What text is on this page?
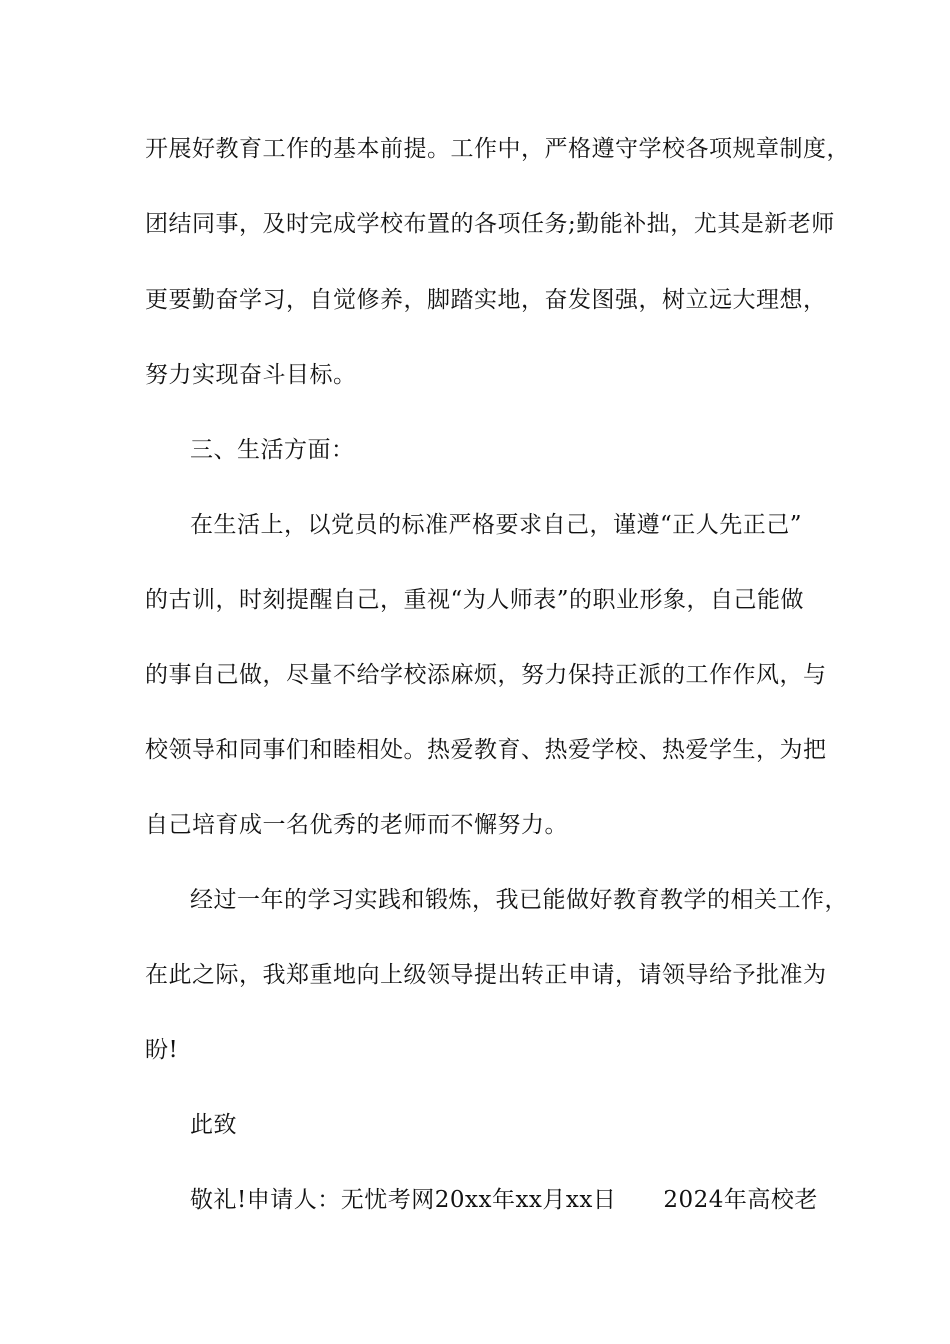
开展好教育工作的基本前提。工作中，严格遵守学校各项规章制度，
团结同事，及时完成学校布置的各项任务;勤能补拙，尤其是新老师
更要勤奋学习，自觉修养，脚踏实地，奋发图强，树立远大理想，
努力实现奋斗目标。
三、生活方面：
在生活上，以党员的标准严格要求自己，谨遵“正人先正己”
的古训，时刻提醒自己，重视“为人师表”的职业形象，自己能做
的事自己做，尽量不给学校添麻烦，努力保持正派的工作作风，与
校领导和同事们和睦相处。热爱教育、热爱学校、热爱学生，为把
自己培育成一名优秀的老师而不懈努力。
经过一年的学习实践和锻炼，我已能做好教育教学的相关工作，
在此之际，我郑重地向上级领导提出转正申请，请领导给予批准为
盼!
此致
敬礼!申请人：无忧考网20xx年xx月xx日　　2024年高校老
